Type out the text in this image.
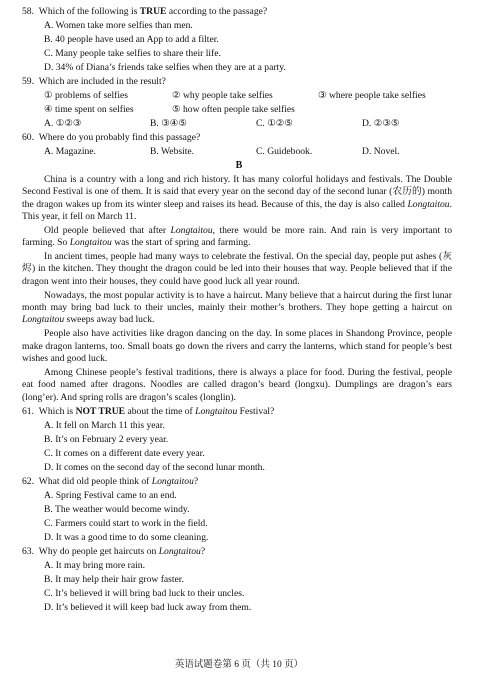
58. Which of the following is TRUE according to the passage?
A. Women take more selfies than men.
B. 40 people have used an App to add a filter.
C. Many people take selfies to share their life.
D. 34% of Diana’s friends take selfies when they are at a party.
59. Which are included in the result?
① problems of selfies	② why people take selfies	③ where people take selfies
④ time spent on selfies	⑤ how often people take selfies
A. ①②③	B. ③④⑤	C. ①②⑤	D. ②③⑤
60. Where do you probably find this passage?
A. Magazine.	B. Website.	C. Guidebook.	D. Novel.
B
China is a country with a long and rich history. It has many colorful holidays and festivals. The Double Second Festival is one of them. It is said that every year on the second day of the second lunar (农历的) month the dragon wakes up from its winter sleep and raises its head. Because of this, the day is also called Longtaitou. This year, it fell on March 11.
Old people believed that after Longtaitou, there would be more rain. And rain is very important to farming. So Longtaitou was the start of spring and farming.
In ancient times, people had many ways to celebrate the festival. On the special day, people put ashes (灰烬) in the kitchen. They thought the dragon could be led into their houses that way. People believed that if the dragon went into their houses, they could have good luck all year round.
Nowadays, the most popular activity is to have a haircut. Many believe that a haircut during the first lunar month may bring bad luck to their uncles, mainly their mother’s brothers. They hope getting a haircut on Longtaitou sweeps away bad luck.
People also have activities like dragon dancing on the day. In some places in Shandong Province, people make dragon lanterns, too. Small boats go down the rivers and carry the lanterns, which stand for people’s best wishes and good luck.
Among Chinese people’s festival traditions, there is always a place for food. During the festival, people eat food named after dragons. Noodles are called dragon’s beard (longxu). Dumplings are dragon’s ears (long’er). And spring rolls are dragon’s scales (longlin).
61. Which is NOT TRUE about the time of Longtaitou Festival?
A. It fell on March 11 this year.
B. It’s on February 2 every year.
C. It comes on a different date every year.
D. It comes on the second day of the second lunar month.
62. What did old people think of Longtaitou?
A. Spring Festival came to an end.
B. The weather would become windy.
C. Farmers could start to work in the field.
D. It was a good time to do some cleaning.
63. Why do people get haircuts on Longtaitou?
英语试题卷第 6 页（共 10 页）
A. It may bring more rain.
B. It may help their hair grow faster.
C. It’s believed it will bring bad luck to their uncles.
D. It’s believed it will keep bad luck away from them.
